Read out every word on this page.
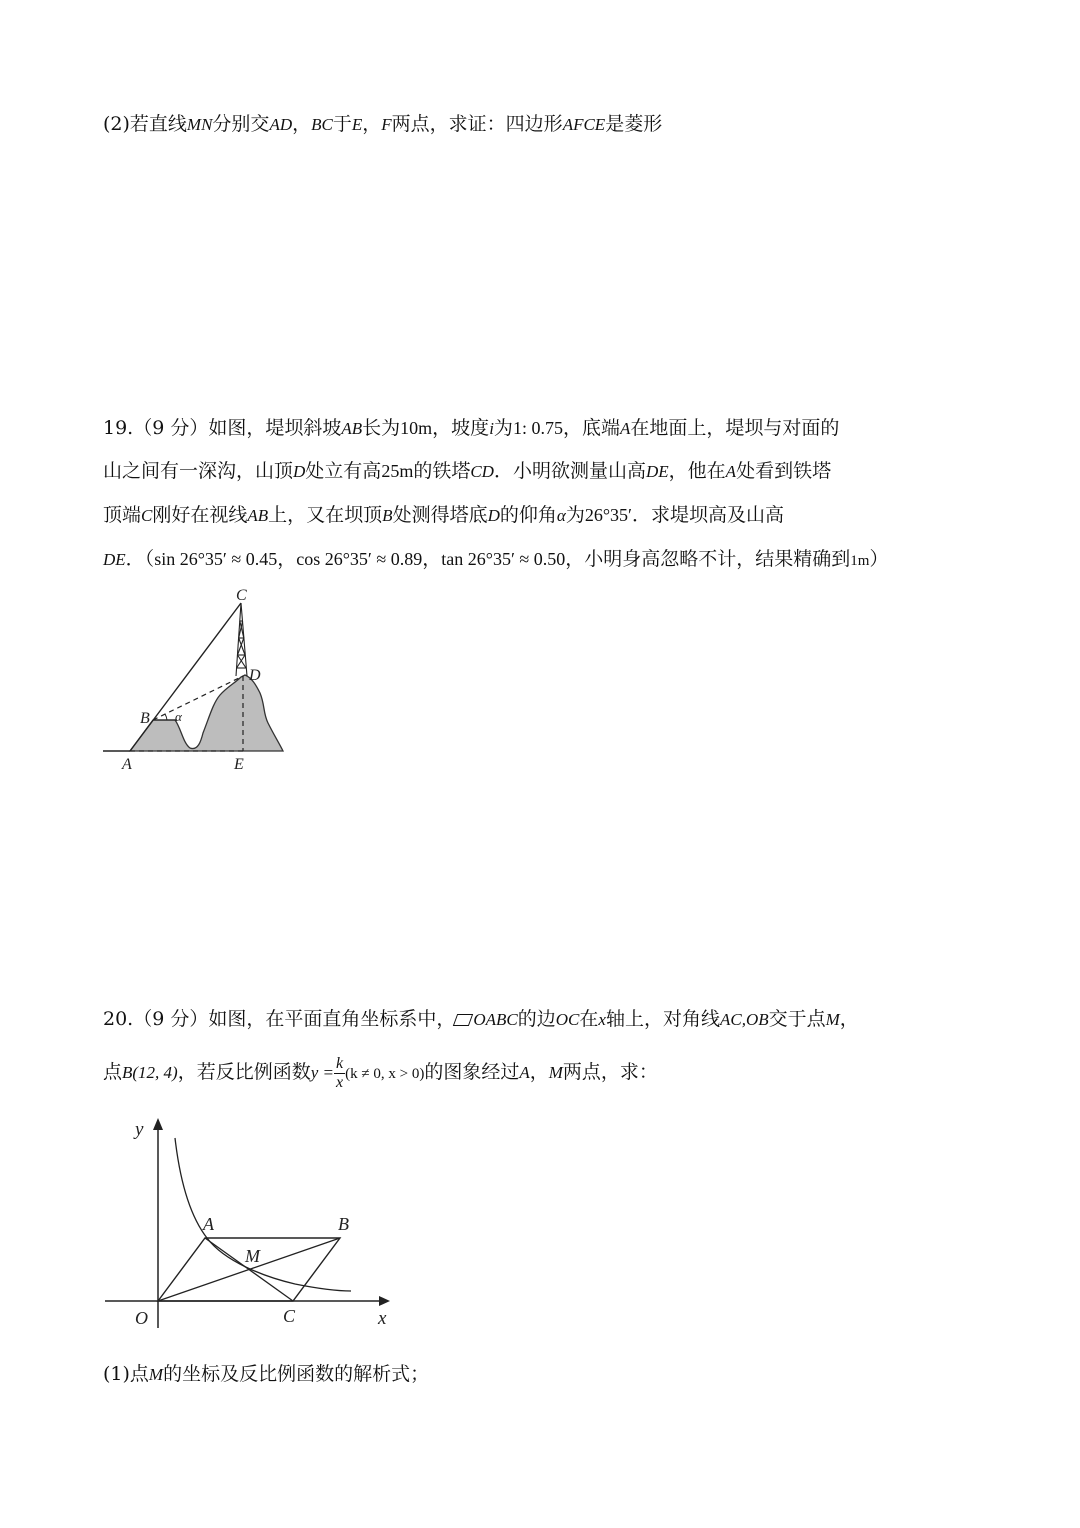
(2)若直线MN分别交AD，BC于E，F两点，求证：四边形AFCE是菱形
19.（9 分）如图，堤坝斜坡AB长为10m，坡度i为1: 0.75，底端A在地面上，堤坝与对面的
山之间有一深沟，山顶D处立有高25m的铁塔CD．小明欲测量山高DE，他在A处看到铁塔
顶端C刚好在视线AB上，又在坝顶B处测得塔底D的仰角α为26°35′．求堤坝高及山高
DE．（sin 26°35′ ≈ 0.45，cos 26°35′ ≈ 0.89，tan 26°35′ ≈ 0.50，小明身高忽略不计，结果精确到1m）
C
D
B α
A	E
20.（9 分）如图，在平面直角坐标系中， OABC的边OC在x轴上，对角线AC,OB交于点M，
点B(12, 4)，若反比例函数$y = \frac{k}{x} (k \ne 0$, x > 0)的图象经过A，M两点，求：
y
A	B
M
O	C	x
(1)点M的坐标及反比例函数的解析式；
